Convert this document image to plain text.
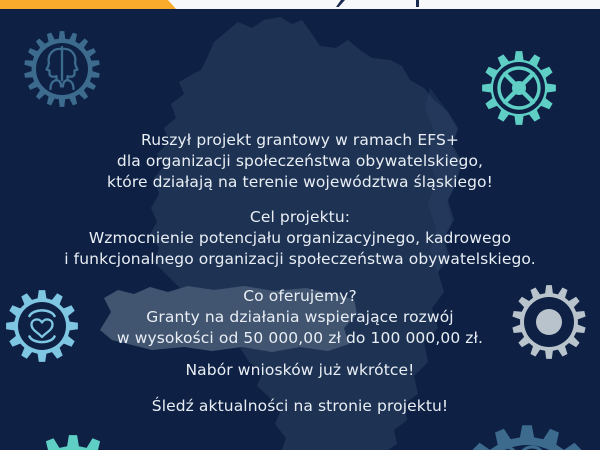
Ruszył projekt grantowy w ramach EFS+
dla organizacji społeczeństwa obywatelskiego,
które działają na terenie województwa śląskiego!
Cel projektu:
Wzmocnienie potencjału organizacyjnego, kadrowego
i funkcjonalnego organizacji społeczeństwa obywatelskiego.
Co oferujemy?
Granty na działania wspierające rozwój
w wysokości od 50 000,00 zł do 100 000,00 zł.
Nabór wniosków już wkrótce!
Śledź aktualności na stronie projektu!
